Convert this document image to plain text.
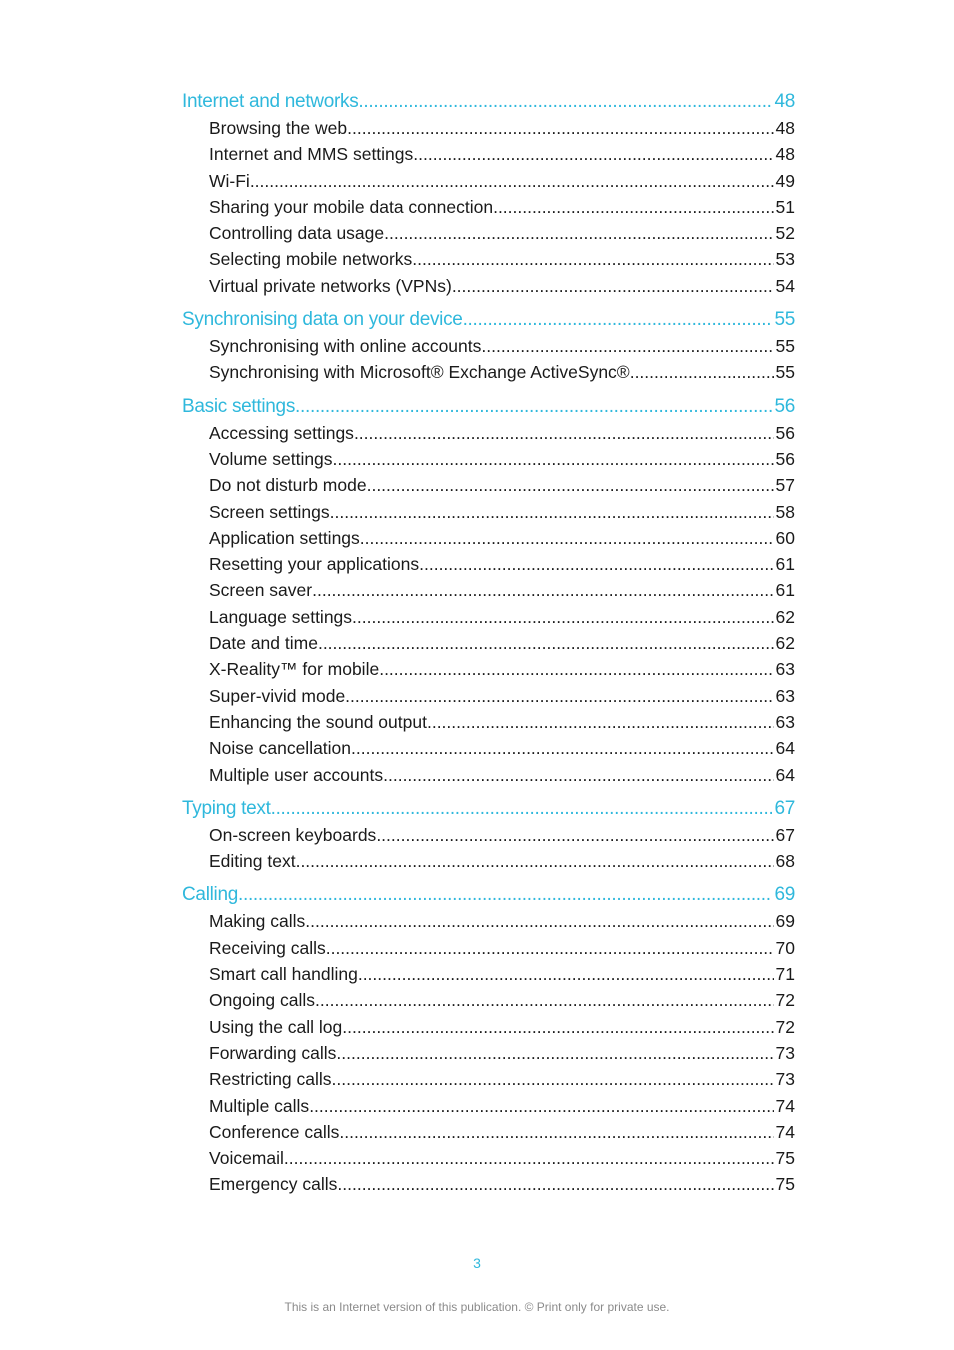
Internet and networks .....	48
Browsing the web .....	48
Internet and MMS settings .....	48
Wi-Fi .....	49
Sharing your mobile data connection .....	51
Controlling data usage .....	52
Selecting mobile networks .....	53
Virtual private networks (VPNs) .....	54
Synchronising data on your device .....	55
Synchronising with online accounts .....	55
Synchronising with Microsoft® Exchange ActiveSync® .....	55
Basic settings .....	56
Accessing settings .....	56
Volume settings .....	56
Do not disturb mode .....	57
Screen settings .....	58
Application settings .....	60
Resetting your applications .....	61
Screen saver .....	61
Language settings .....	62
Date and time .....	62
X-Reality™ for mobile .....	63
Super-vivid mode .....	63
Enhancing the sound output .....	63
Noise cancellation .....	64
Multiple user accounts .....	64
Typing text .....	67
On-screen keyboards .....	67
Editing text .....	68
Calling .....	69
Making calls .....	69
Receiving calls .....	70
Smart call handling .....	71
Ongoing calls .....	72
Using the call log .....	72
Forwarding calls .....	73
Restricting calls .....	73
Multiple calls .....	74
Conference calls .....	74
Voicemail .....	75
Emergency calls .....	75
3
This is an Internet version of this publication. © Print only for private use.
